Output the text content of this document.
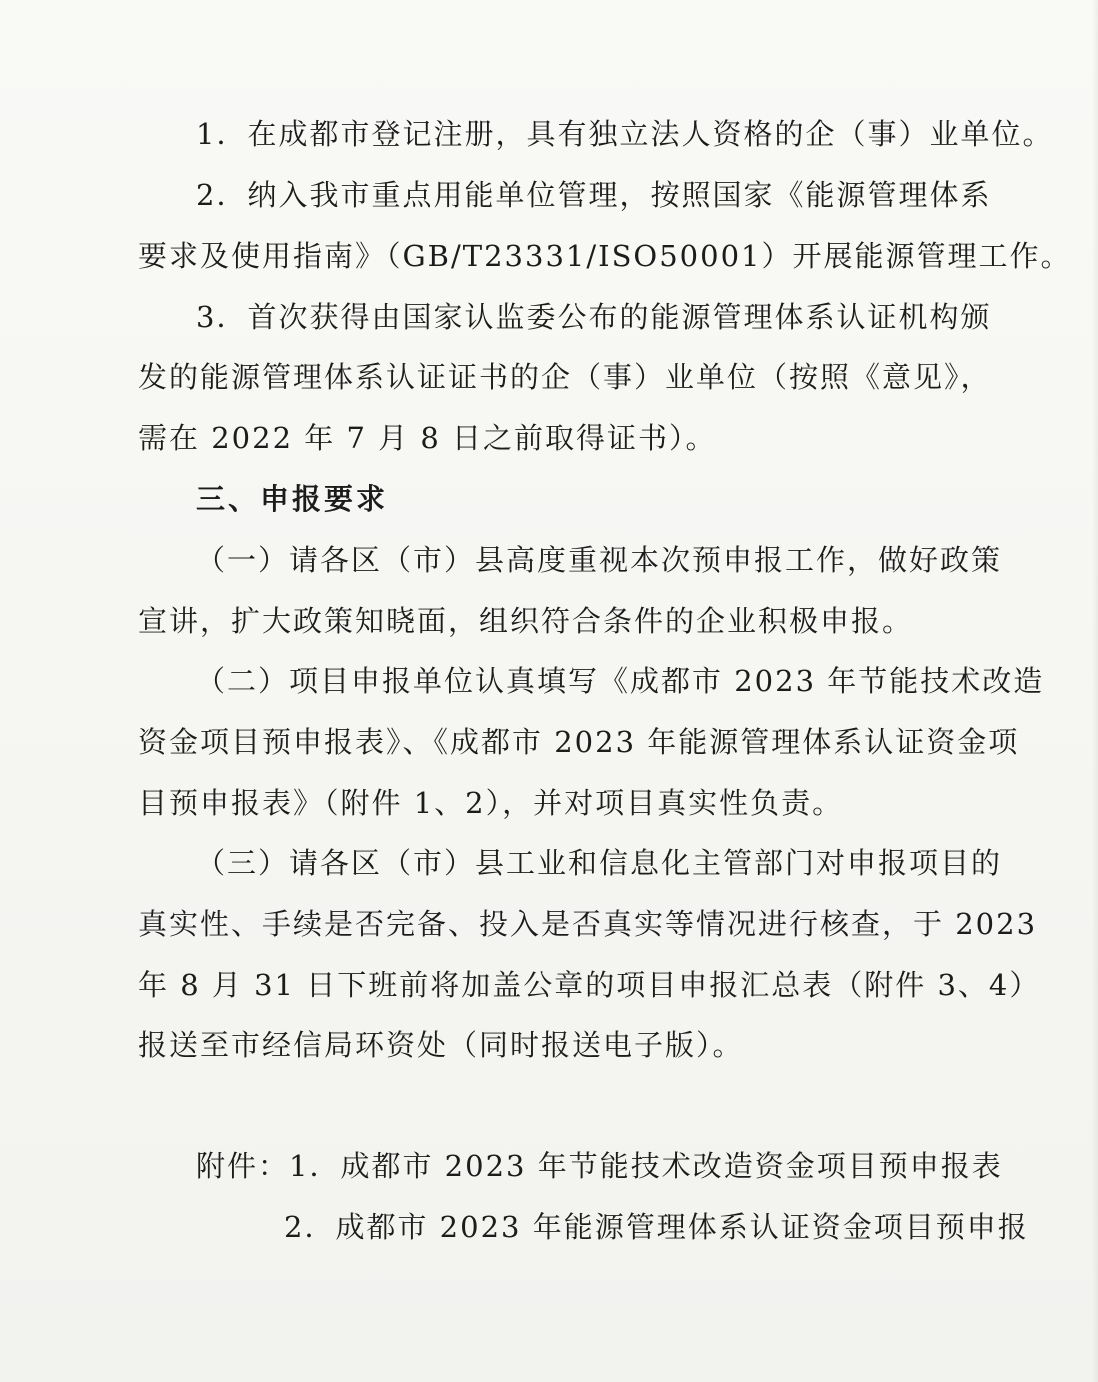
1．在成都市登记注册，具有独立法人资格的企（事）业单位。
2．纳入我市重点用能单位管理，按照国家《能源管理体系
要求及使用指南》（GB/T23331/ISO50001）开展能源管理工作。
3．首次获得由国家认监委公布的能源管理体系认证机构颁
发的能源管理体系认证证书的企（事）业单位（按照《意见》，
需在 2022 年 7 月 8 日之前取得证书）。
三、申报要求
（一）请各区（市）县高度重视本次预申报工作，做好政策
宣讲，扩大政策知晓面，组织符合条件的企业积极申报。
（二）项目申报单位认真填写《成都市 2023 年节能技术改造
资金项目预申报表》、《成都市 2023 年能源管理体系认证资金项
目预申报表》（附件 1、2），并对项目真实性负责。
（三）请各区（市）县工业和信息化主管部门对申报项目的
真实性、手续是否完备、投入是否真实等情况进行核查，于 2023
年 8 月 31 日下班前将加盖公章的项目申报汇总表（附件 3、4）
报送至市经信局环资处（同时报送电子版）。
附件：1．成都市 2023 年节能技术改造资金项目预申报表
2．成都市 2023 年能源管理体系认证资金项目预申报
